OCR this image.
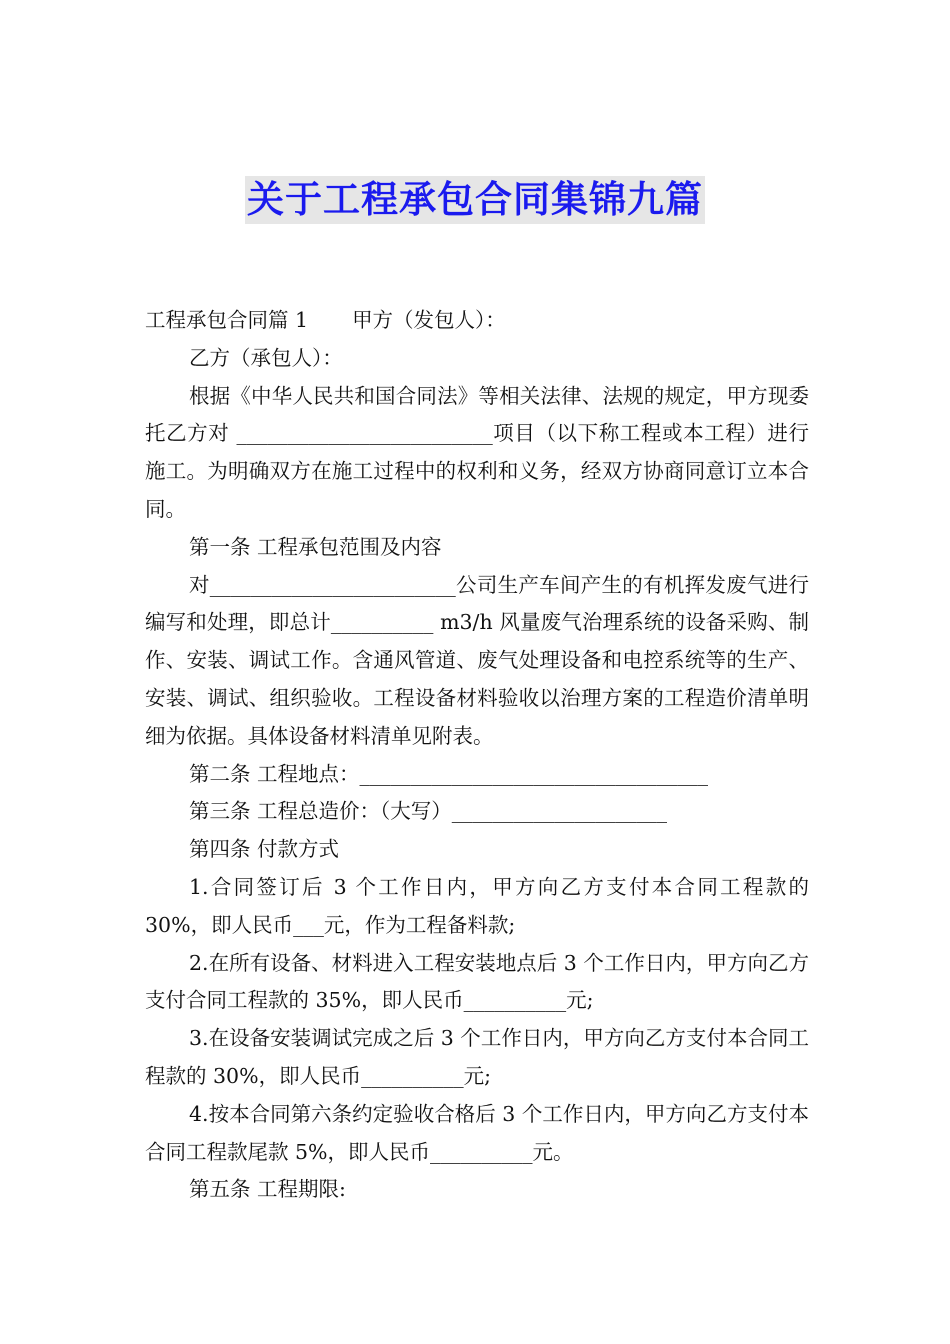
关于工程承包合同集锦九篇

工程承包合同篇 1 甲方（发包人）：

乙方（承包人）：

根据《中华人民共和国合同法》等相关法律、法规的规定，甲方现委托乙方对 _________________________项目（以下称工程或本工程）进行施工。为明确双方在施工过程中的权利和义务，经双方协商同意订立本合同。

第一条 工程承包范围及内容

对________________________公司生产车间产生的有机挥发废气进行编写和处理，即总计__________ m3/h 风量废气治理系统的设备采购、制作、安装、调试工作。含通风管道、废气处理设备和电控系统等的生产、安装、调试、组织验收。工程设备材料验收以治理方案的工程造价清单明细为依据。具体设备材料清单见附表。

第二条 工程地点：__________________________________

第三条 工程总造价：（大写）_____________________

第四条 付款方式

1.合同签订后 3 个工作日内，甲方向乙方支付本合同工程款的 30%，即人民币___元，作为工程备料款;

2.在所有设备、材料进入工程安装地点后 3 个工作日内，甲方向乙方支付合同工程款的 35%，即人民币__________元;

3.在设备安装调试完成之后 3 个工作日内，甲方向乙方支付本合同工程款的 30%，即人民币__________元;

4.按本合同第六条约定验收合格后 3 个工作日内，甲方向乙方支付本合同工程款尾款 5%，即人民币__________元。

第五条 工程期限:
